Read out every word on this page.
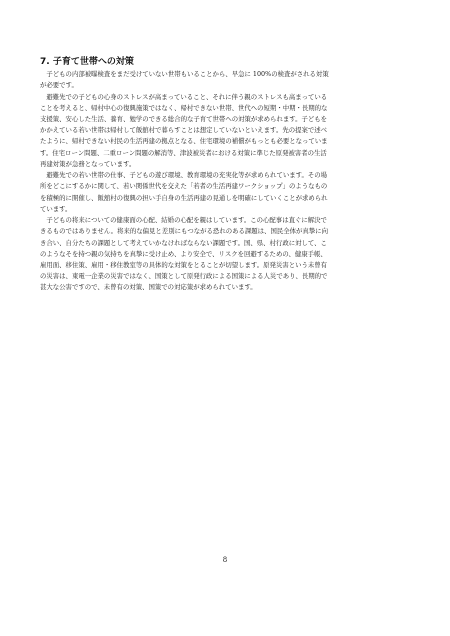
7. 子育て世帯への対策

　子どもの内部被曝検査をまだ受けていない世帯もいることから、早急に 100%の検査がされる対策
が必要です。

　避難先での子どもの心身のストレスが高まっていること、それに伴う親のストレスも高まっている
ことを考えると、帰村中心の復興施策ではなく、帰村できない世帯、世代への短期・中期・長期的な
支援策、安心した生活、養育、勉学のできる総合的な子育て世帯への対策が求められます。子どもを
かかえている若い世帯は帰村して飯舘村で暮らすことは想定していないといえます。先の提案で述べ
たように、帰村できない村民の生活再建の拠点となる、住宅環境の補償がもっとも必要となっていま
す。住宅ローン問題、二重ローン問題の解消等、津波被災者における対策に準じた原発被害者の生活
再建対策が急務となっています。

　避難先での若い世帯の仕事、子どもの遊び環境、教育環境の充実化等が求められています。その場
所をどこにするかに関して、若い関係世代を交えた「若者の生活再建ワークショップ」のようなもの
を積極的に開催し、飯舘村の復興の担い手自身の生活再建の見通しを明確にしていくことが求められ
ています。

　子どもの将来についての健康面の心配、結婚の心配を親はしています。この心配事は直ぐに解決で
きるものではありません。将来的な偏見と差別にもつながる恐れのある課題は、国民全体が真摯に向
き合い、自分たちの課題として考えていかなければならない課題です。国、県、村行政に対して、こ
のようなそを持つ親の気持ちを真摯に受け止め、より安全で、リスクを回避するための、健康手帳、
雇用面、移住策、雇用・移住教室等の具体的な対策をとることが切望します。原発災害という未曾有
の災害は、東電一企業の災害ではなく、国策として原発行政による国策による人災であり、長期的で
甚大な公害ですので、未曾有の対策、国策での対応策が求められています。

8
